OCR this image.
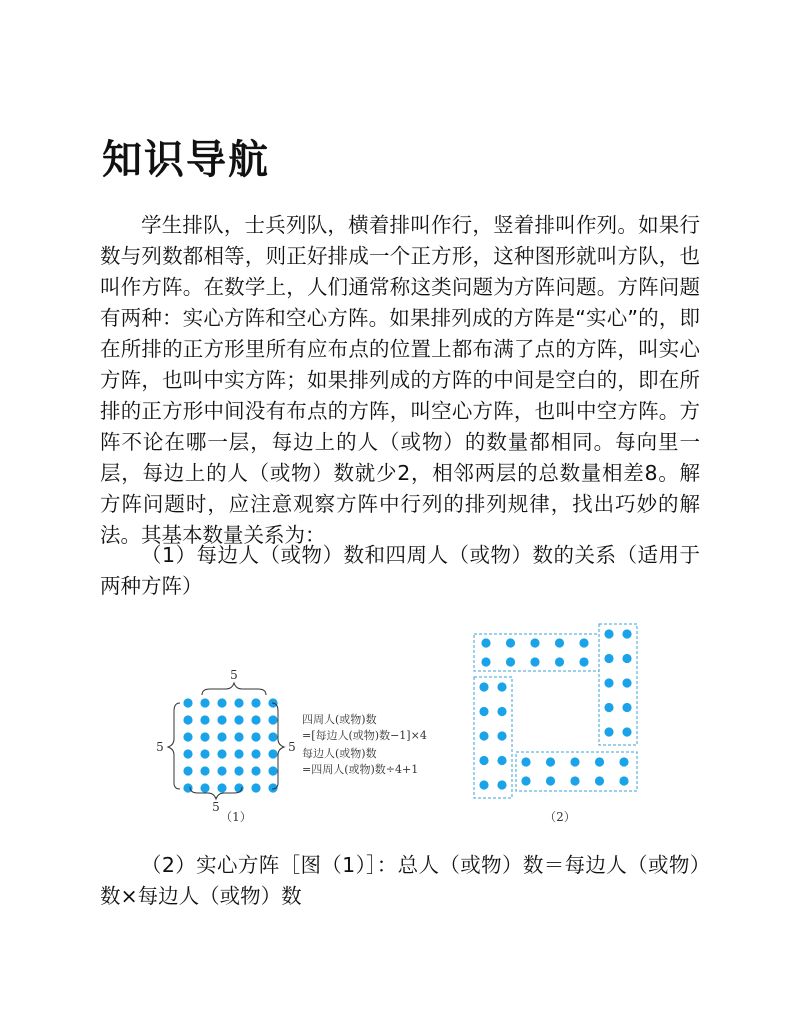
知识导航

学生排队，士兵列队，横着排叫作行，竖着排叫作列。如果行数与列数都相等，则正好排成一个正方形，这种图形就叫方队，也叫作方阵。在数学上，人们通常称这类问题为方阵问题。方阵问题有两种：实心方阵和空心方阵。如果排列成的方阵是“实心”的，即在所排的正方形里所有应布点的位置上都布满了点的方阵，叫实心方阵，也叫中实方阵；如果排列成的方阵的中间是空白的，即在所排的正方形中间没有布点的方阵，叫空心方阵，也叫中空方阵。方阵不论在哪一层，每边上的人（或物）的数量都相同。每向里一层，每边上的人（或物）数就少2，相邻两层的总数量相差8。解方阵问题时，应注意观察方阵中行列的排列规律，找出巧妙的解法。其基本数量关系为：

（1）每边人（或物）数和四周人（或物）数的关系（适用于两种方阵）

5
5	5
5
四周人(或物)数
=[每边人(或物)数−1]×4
每边人(或物)数
=四周人(或物)数÷4+1
（1）	（2）

（2）实心方阵［图（1）］：总人（或物）数＝每边人（或物）数×每边人（或物）数
